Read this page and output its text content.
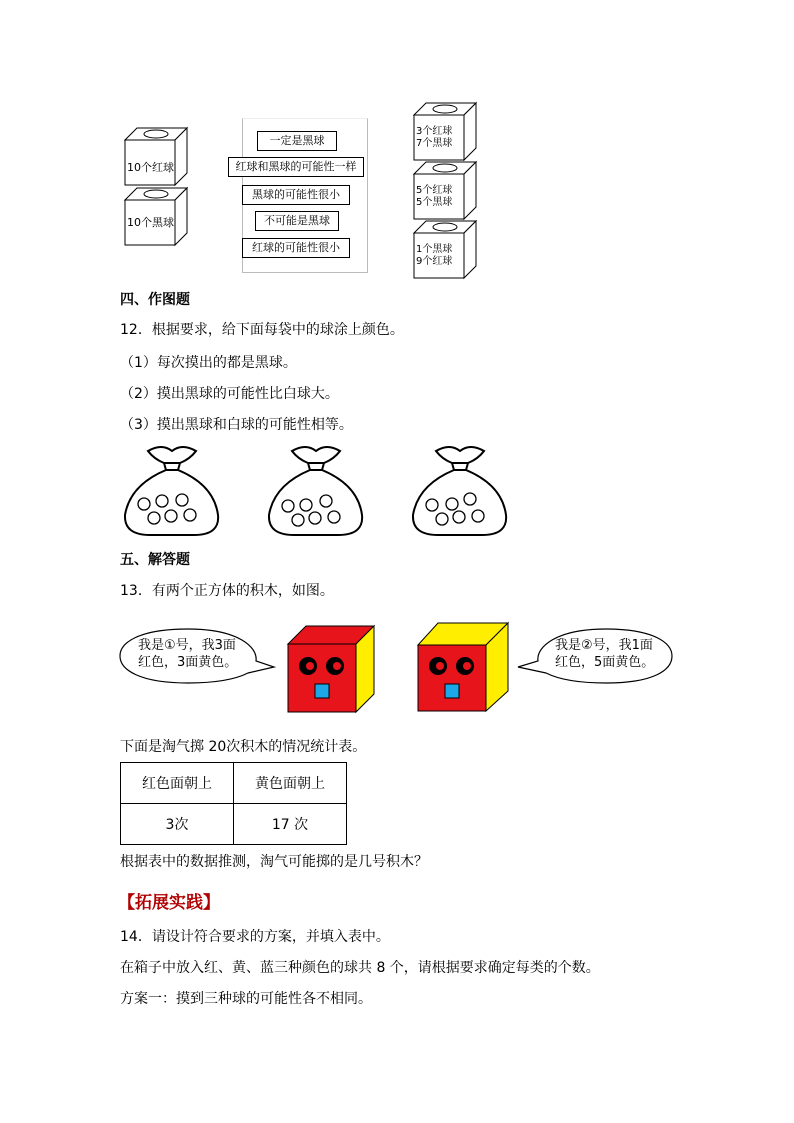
10个红球
10个黑球
一定是黑球
红球和黑球的可能性一样
黑球的可能性很小
不可能是黑球
红球的可能性很小
3个红球
7个黑球
5个红球
5个黑球
1个黑球
9个红球
四、作图题
12．根据要求，给下面每袋中的球涂上颜色。
（1）每次摸出的都是黑球。
（2）摸出黑球的可能性比白球大。
（3）摸出黑球和白球的可能性相等。
五、解答题
13．有两个正方体的积木，如图。
我是①号，我3面
红色，3面黄色。
我是②号，我1面
红色，5面黄色。
下面是淘气掷 20次积木的情况统计表。
红色面朝上	黄色面朝上
3次	17 次
根据表中的数据推测，淘气可能掷的是几号积木？
【拓展实践】
14．请设计符合要求的方案，并填入表中。
在箱子中放入红、黄、蓝三种颜色的球共 8 个，请根据要求确定每类的个数。
方案一：摸到三种球的可能性各不相同。
